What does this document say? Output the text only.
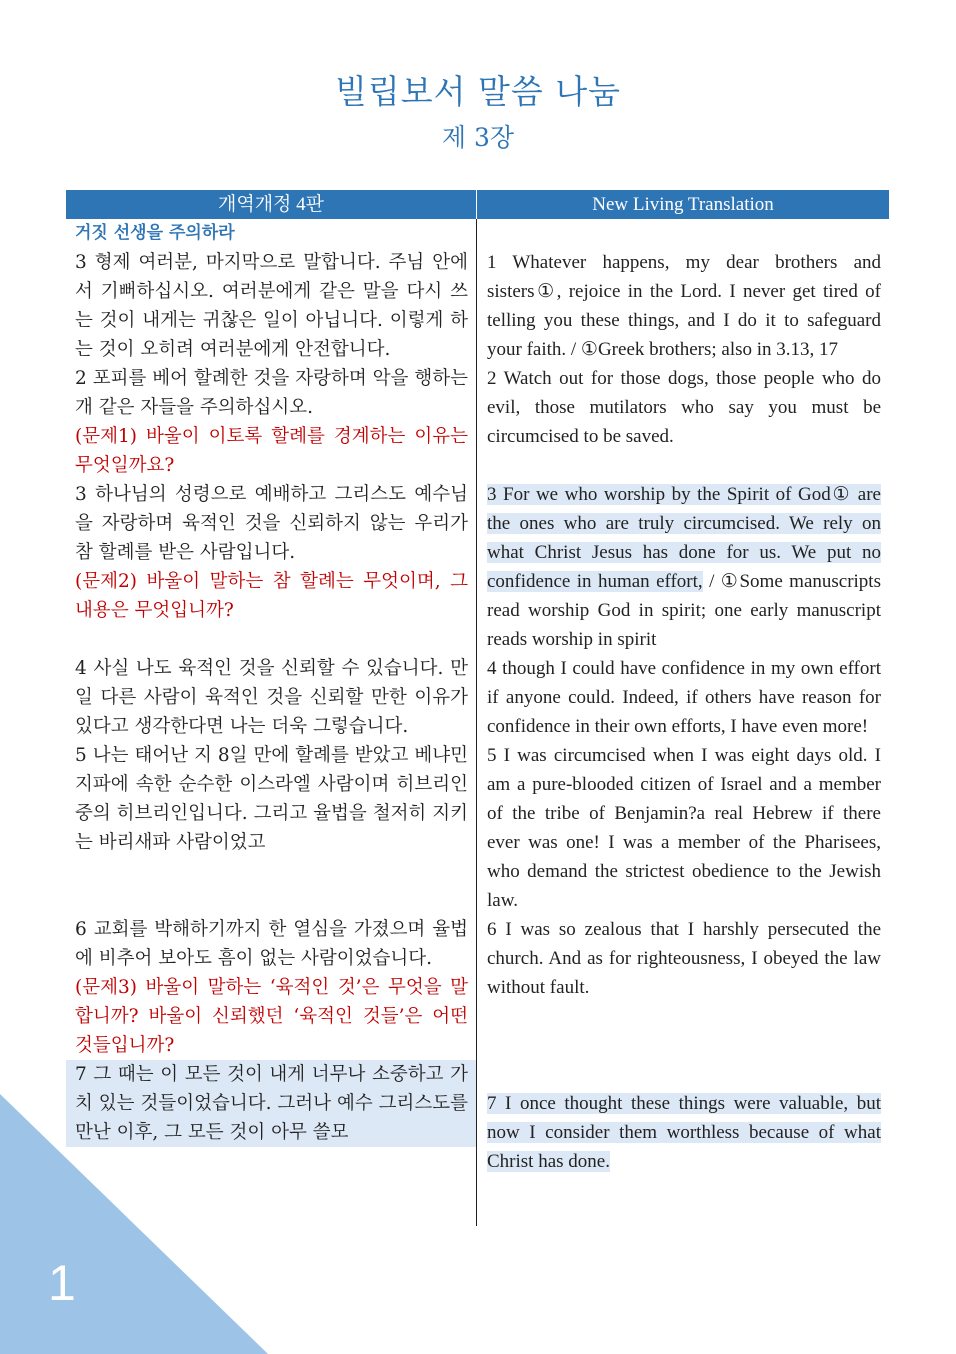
1
빌립보서 말씀 나눔
제 3장
개역개정 4판	New Living Translation
거짓 선생을 주의하라
3 형제 여러분, 마지막으로 말합니다. 주님 안에서 기뻐하십시오. 여러분에게 같은 말을 다시 쓰는 것이 내게는 귀찮은 일이 아닙니다. 이렇게 하는 것이 오히려 여러분에게 안전합니다.
2 포피를 베어 할례한 것을 자랑하며 악을 행하는 개 같은 자들을 주의하십시오.
(문제1) 바울이 이토록 할례를 경계하는 이유는 무엇일까요?
3 하나님의 성령으로 예배하고 그리스도 예수님을 자랑하며 육적인 것을 신뢰하지 않는 우리가 참 할례를 받은 사람입니다.
(문제2) 바울이 말하는 참 할례는 무엇이며, 그 내용은 무엇입니까?
4 사실 나도 육적인 것을 신뢰할 수 있습니다. 만일 다른 사람이 육적인 것을 신뢰할 만한 이유가 있다고 생각한다면 나는 더욱 그렇습니다.
5 나는 태어난 지 8일 만에 할례를 받았고 베냐민 지파에 속한 순수한 이스라엘 사람이며 히브리인 중의 히브리인입니다. 그리고 율법을 철저히 지키는 바리새파 사람이었고
6 교회를 박해하기까지 한 열심을 가졌으며 율법에 비추어 보아도 흠이 없는 사람이었습니다.
(문제3) 바울이 말하는 ‘육적인 것’은 무엇을 말합니까? 바울이 신뢰했던 ‘육적인 것들’은 어떤 것들입니까?
7 그 때는 이 모든 것이 내게 너무나 소중하고 가치 있는 것들이었습니다. 그러나 예수 그리스도를 만난 이후, 그 모든 것이 아무 쓸모
1 Whatever happens, my dear brothers and sisters①, rejoice in the Lord. I never get tired of telling you these things, and I do it to safeguard your faith. / ①Greek brothers; also in 3.13, 17
2 Watch out for those dogs, those people who do evil, those mutilators who say you must be circumcised to be saved.
3 For we who worship by the Spirit of God① are the ones who are truly circumcised. We rely on what Christ Jesus has done for us. We put no confidence in human effort, / ①Some manuscripts read worship God in spirit; one early manuscript reads worship in spirit
4 though I could have confidence in my own effort if anyone could. Indeed, if others have reason for confidence in their own efforts, I have even more!
5 I was circumcised when I was eight days old. I am a pure-blooded citizen of Israel and a member of the tribe of Benjamin?a real Hebrew if there ever was one! I was a member of the Pharisees, who demand the strictest obedience to the Jewish law.
6 I was so zealous that I harshly persecuted the church. And as for righteousness, I obeyed the law without fault.
7 I once thought these things were valuable, but now I consider them worthless because of what Christ has done.
